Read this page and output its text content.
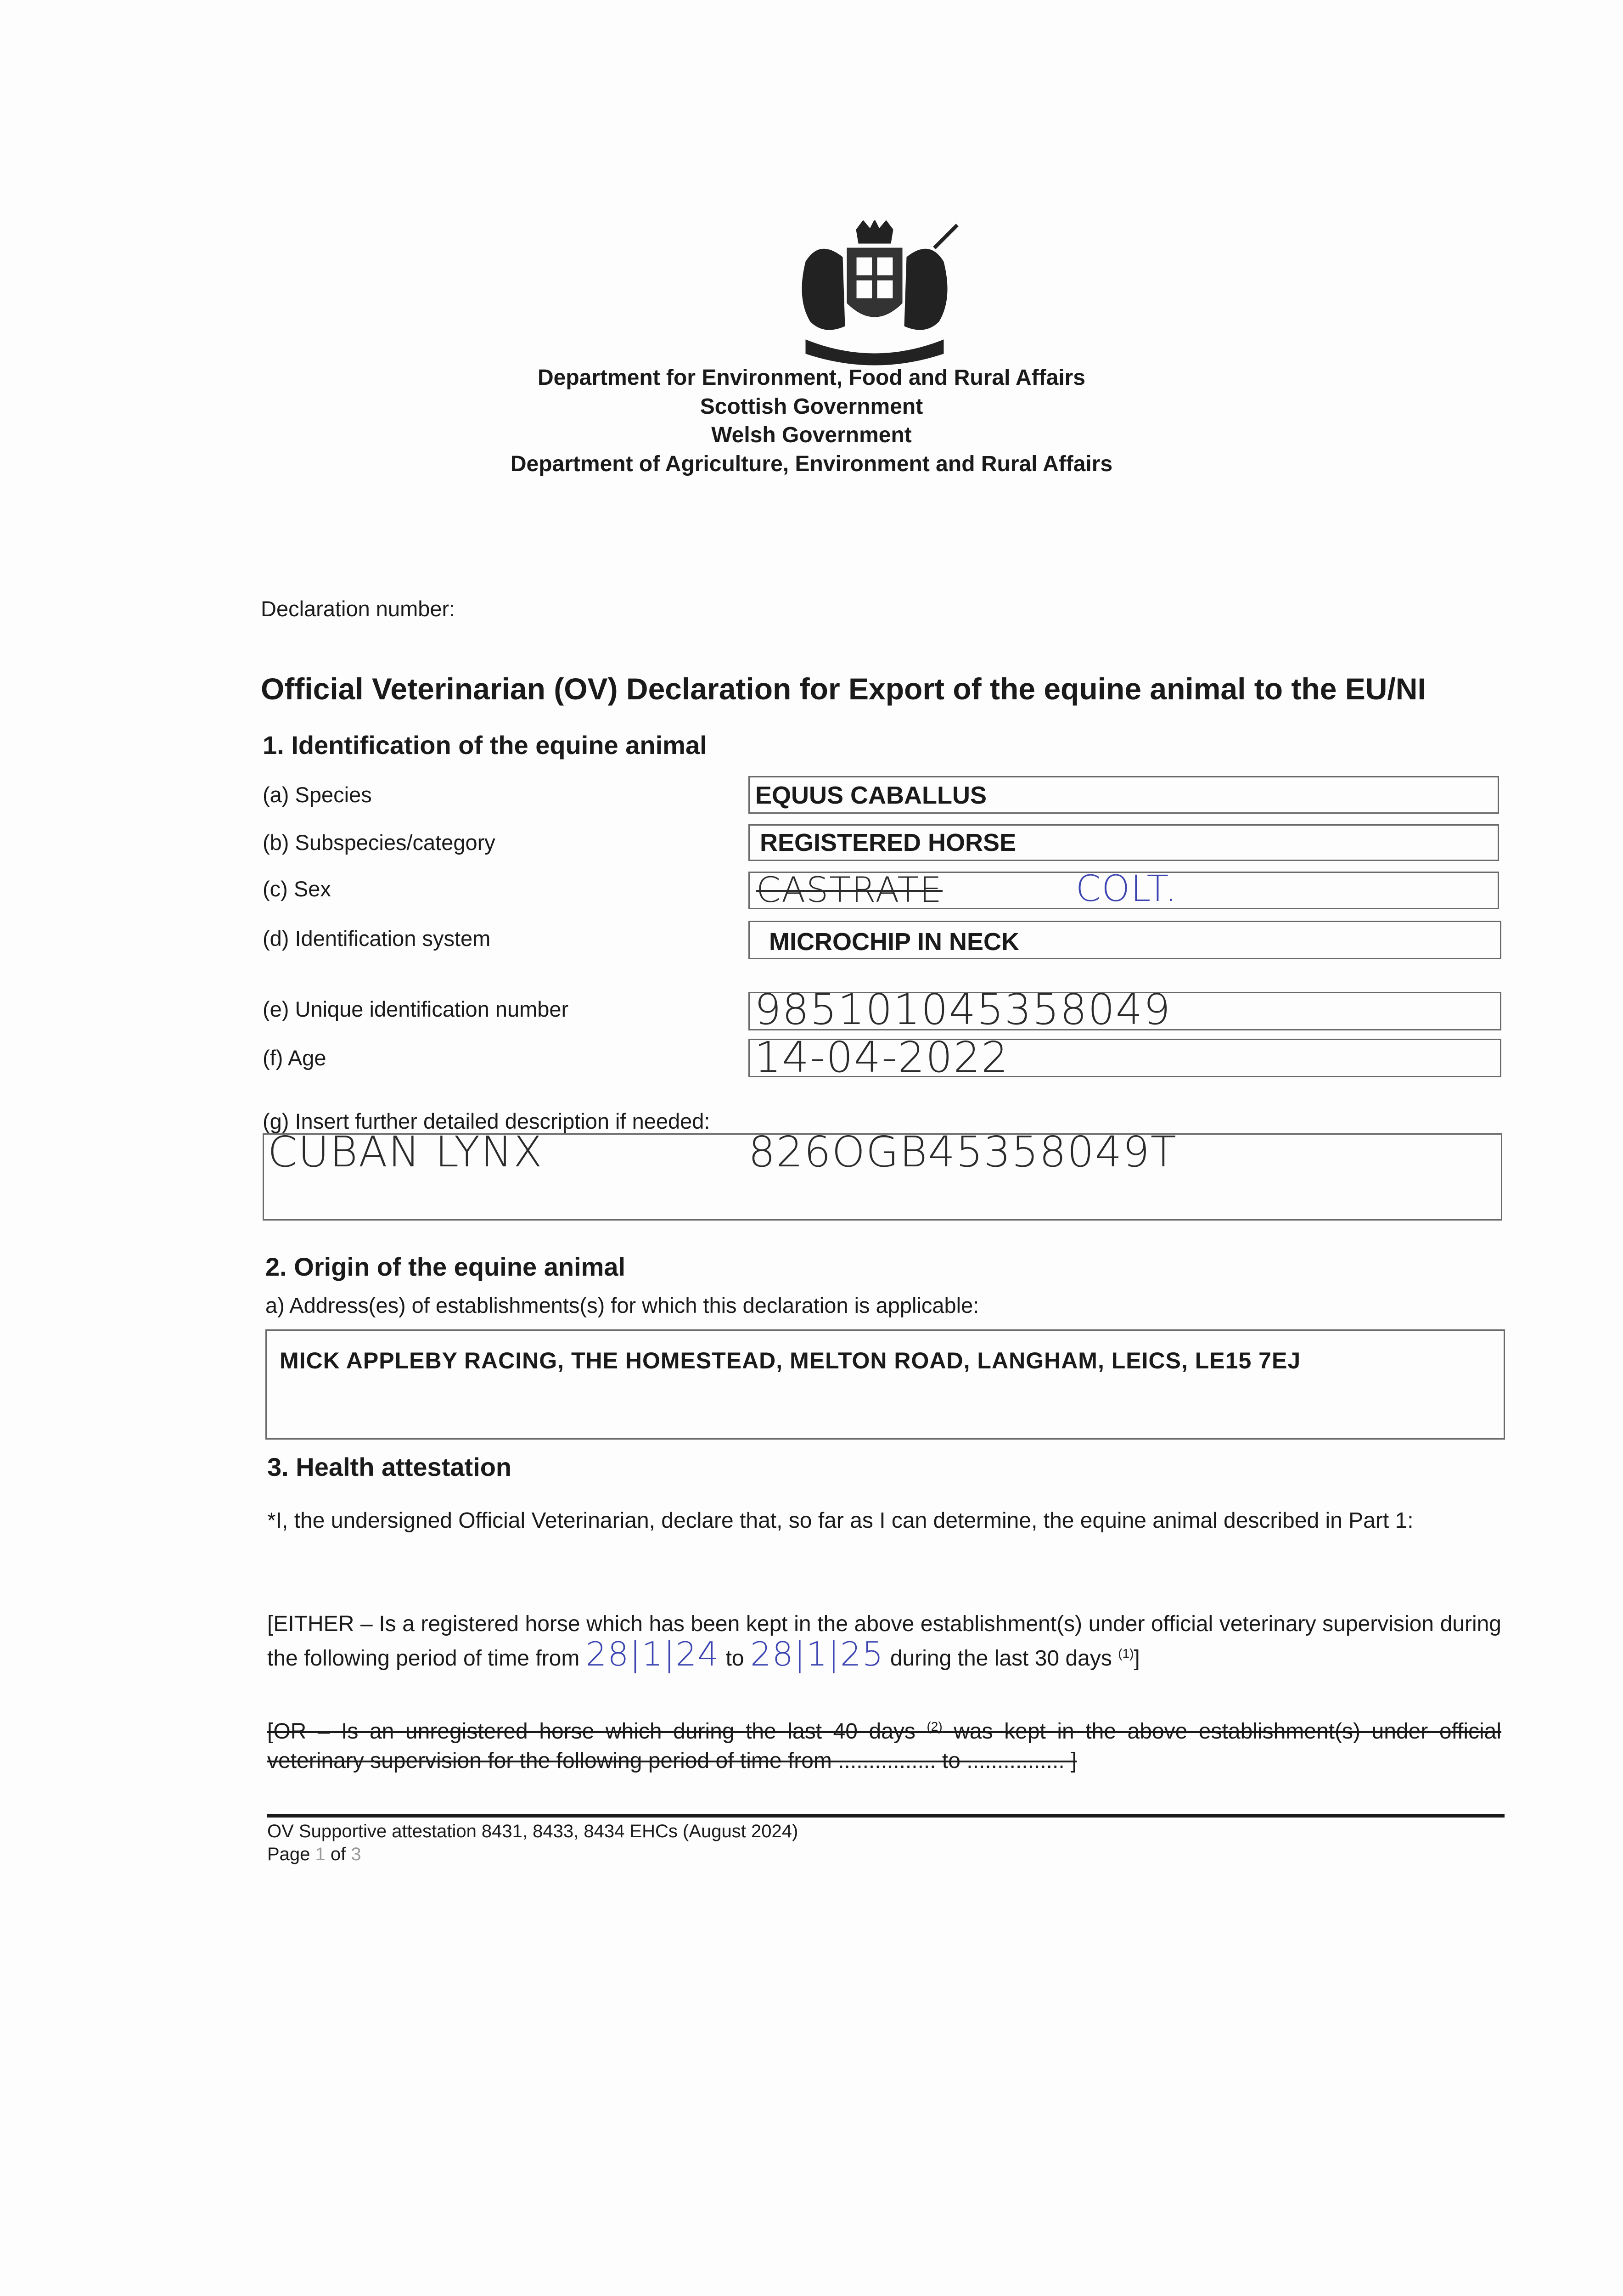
Department for Environment, Food and Rural Affairs
Scottish Government
Welsh Government
Department of Agriculture, Environment and Rural Affairs
Declaration number:
Official Veterinarian (OV) Declaration for Export of the equine animal to the EU/NI
1. Identification of the equine animal
(a) Species	EQUUS CABALLUS
(b) Subspecies/category	REGISTERED HORSE
(c) Sex	CASTRATE	COLT.
(d) Identification system	MICROCHIP IN NECK
(e) Unique identification number	985101045358049
(f) Age	14-04-2022
(g) Insert further detailed description if needed:
CUBAN LYNX	826OGB45358049T
2. Origin of the equine animal
a) Address(es) of establishments(s) for which this declaration is applicable:
MICK APPLEBY RACING, THE HOMESTEAD, MELTON ROAD, LANGHAM, LEICS, LE15 7EJ
3. Health attestation
*I, the undersigned Official Veterinarian, declare that, so far as I can determine, the equine animal described in Part 1:
[EITHER – Is a registered horse which has been kept in the above establishment(s) under official veterinary supervision during the following period of time from 28|1|24 to 28|1|25 during the last 30 days $^{(1)}$]
[OR – Is an unregistered horse which during the last 40 days $^{(2)}$ was kept in the above establishment(s) under official veterinary supervision for the following period of time from ................ to ................ ]
OV Supportive attestation 8431, 8433, 8434 EHCs (August 2024)
Page 1 of 3
